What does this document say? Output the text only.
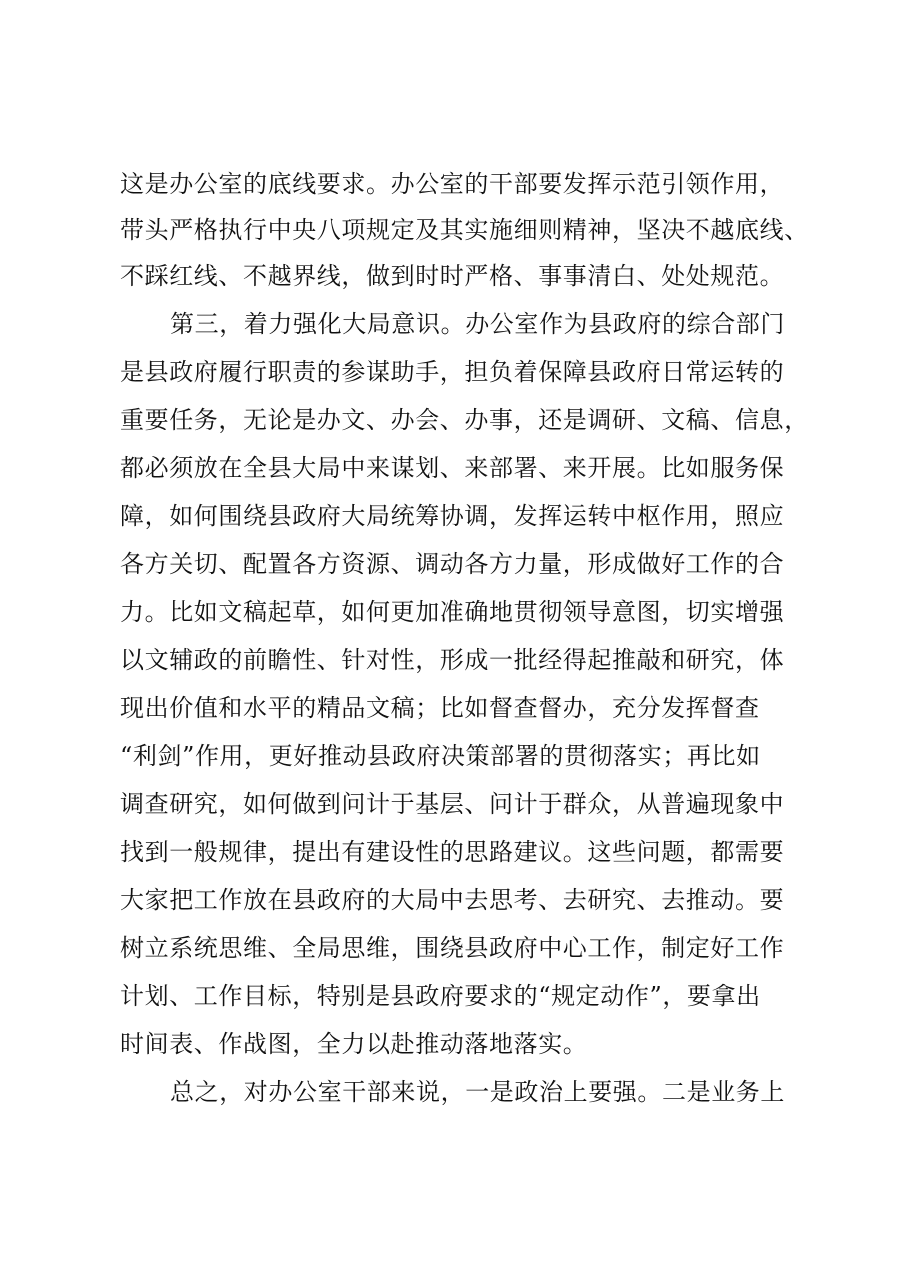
这是办公室的底线要求。办公室的干部要发挥示范引领作用，
带头严格执行中央八项规定及其实施细则精神，坚决不越底线、
不踩红线、不越界线，做到时时严格、事事清白、处处规范。
第三，着力强化大局意识。办公室作为县政府的综合部门
是县政府履行职责的参谋助手，担负着保障县政府日常运转的
重要任务，无论是办文、办会、办事，还是调研、文稿、信息，
都必须放在全县大局中来谋划、来部署、来开展。比如服务保
障，如何围绕县政府大局统筹协调，发挥运转中枢作用，照应
各方关切、配置各方资源、调动各方力量，形成做好工作的合
力。比如文稿起草，如何更加准确地贯彻领导意图，切实增强
以文辅政的前瞻性、针对性，形成一批经得起推敲和研究，体
现出价值和水平的精品文稿；比如督查督办，充分发挥督查
“利剑”作用，更好推动县政府决策部署的贯彻落实；再比如
调查研究，如何做到问计于基层、问计于群众，从普遍现象中
找到一般规律，提出有建设性的思路建议。这些问题，都需要
大家把工作放在县政府的大局中去思考、去研究、去推动。要
树立系统思维、全局思维，围绕县政府中心工作，制定好工作
计划、工作目标，特别是县政府要求的“规定动作”，要拿出
时间表、作战图，全力以赴推动落地落实。
总之，对办公室干部来说，一是政治上要强。二是业务上
